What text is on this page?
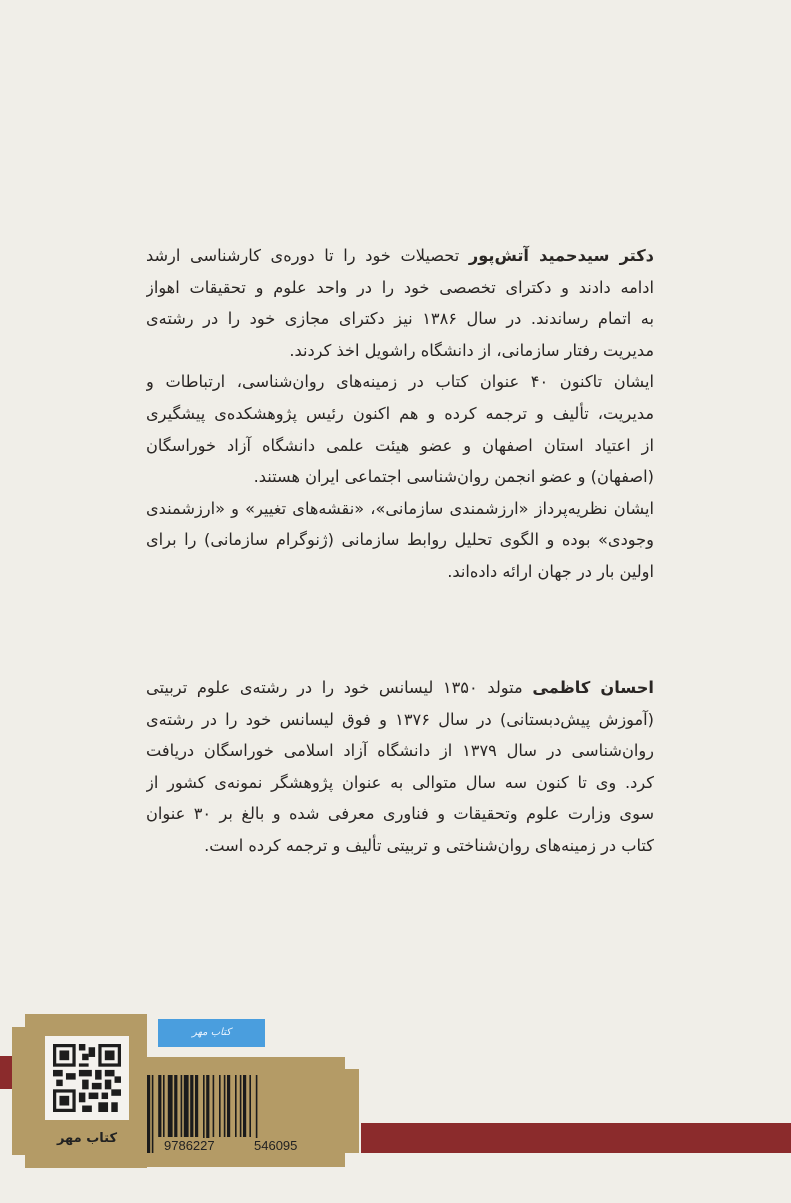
دکتر سیدحمید آتش‌پور تحصیلات خود را تا دوره‌ی کارشناسی ارشد
ادامه دادند و دکترای تخصصی خود را در واحد علوم و تحقیقات اهواز
به اتمام رساندند. در سال ۱۳۸۶ نیز دکترای مجازی خود را در رشته‌ی
مدیریت رفتار سازمانی، از دانشگاه راشویل اخذ کردند.
ایشان تاکنون ۴۰ عنوان کتاب در زمینه‌های روان‌شناسی، ارتباطات و
مدیریت، تألیف و ترجمه کرده و هم اکنون رئیس پژوهشکده‌ی پیشگیری
از اعتیاد استان اصفهان و عضو هیئت علمی دانشگاه آزاد خوراسگان
(اصفهان) و عضو انجمن روان‌شناسی اجتماعی ایران هستند.
ایشان نظریه‌پرداز «ارزشمندی سازمانی»، «نقشه‌های تغییر» و «ارزشمندی
وجودی» بوده و الگوی تحلیل روابط سازمانی (ژنوگرام سازمانی) را برای
اولین بار در جهان ارائه داده‌اند.
احسان کاظمی متولد ۱۳۵۰ لیسانس خود را در رشته‌ی علوم تربیتی
(آموزش پیش‌دبستانی) در سال ۱۳۷۶ و فوق لیسانس خود را در رشته‌ی
روان‌شناسی در سال ۱۳۷۹ از دانشگاه آزاد اسلامی خوراسگان دریافت
کرد. وی تا کنون سه سال متوالی به عنوان پژوهشگر نمونه‌ی کشور از
سوی وزارت علوم وتحقیقات و فناوری معرفی شده و بالغ بر ۳۰ عنوان
کتاب در زمینه‌های روان‌شناختی و تربیتی تألیف و ترجمه کرده است.
کتاب مهر
کتاب مهر	9786227	546095
